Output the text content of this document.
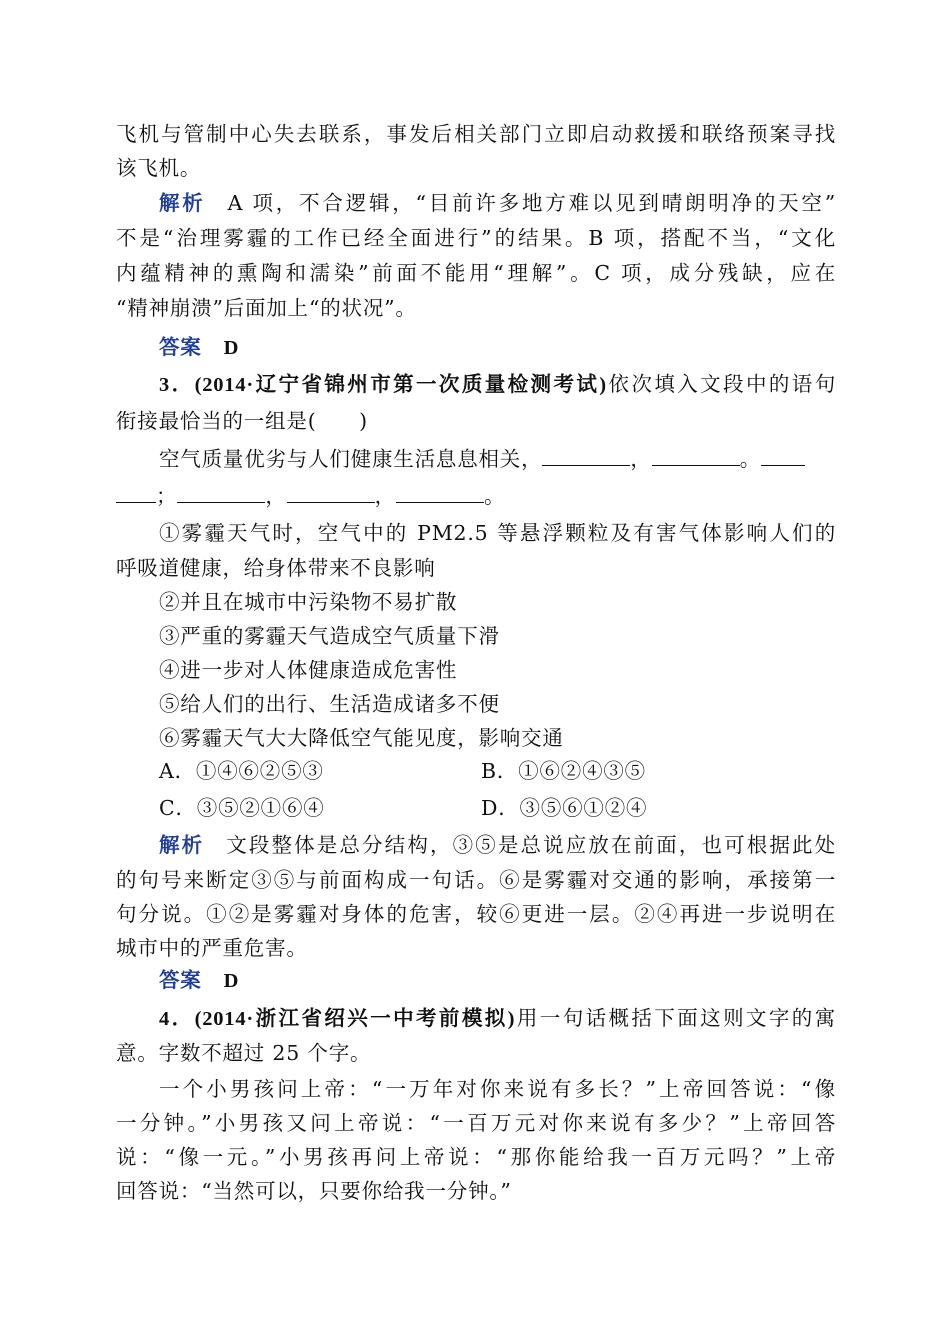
飞机与管制中心失去联系，事发后相关部门立即启动救援和联络预案寻找
该飞机。
解析 A 项，不合逻辑，“目前许多地方难以见到晴朗明净的天空”
不是“治理雾霾的工作已经全面进行”的结果。B 项，搭配不当，“文化
内蕴精神的熏陶和濡染”前面不能用“理解”。C 项，成分残缺，应在
“精神崩溃”后面加上“的状况”。
答案 D
3．(2014·辽宁省锦州市第一次质量检测考试)依次填入文段中的语句
衔接最恰当的一组是(　　)
空气质量优劣与人们健康生活息息相关，	，	。
；	，	，	。
①雾霾天气时，空气中的 PM2.5 等悬浮颗粒及有害气体影响人们的
呼吸道健康，给身体带来不良影响
②并且在城市中污染物不易扩散
③严重的雾霾天气造成空气质量下滑
④进一步对人体健康造成危害性
⑤给人们的出行、生活造成诸多不便
⑥雾霾天气大大降低空气能见度，影响交通
A．①④⑥②⑤③	B．①⑥②④③⑤
C．③⑤②①⑥④	D．③⑤⑥①②④
解析 文段整体是总分结构，③⑤是总说应放在前面，也可根据此处
的句号来断定③⑤与前面构成一句话。⑥是雾霾对交通的影响，承接第一
句分说。①②是雾霾对身体的危害，较⑥更进一层。②④再进一步说明在
城市中的严重危害。
答案 D
4．(2014·浙江省绍兴一中考前模拟)用一句话概括下面这则文字的寓
意。字数不超过 25 个字。
一个小男孩问上帝：“一万年对你来说有多长？”上帝回答说：“像
一分钟。”小男孩又问上帝说：“一百万元对你来说有多少？”上帝回答
说：“像一元。”小男孩再问上帝说：“那你能给我一百万元吗？”上帝
回答说：“当然可以，只要你给我一分钟。”
